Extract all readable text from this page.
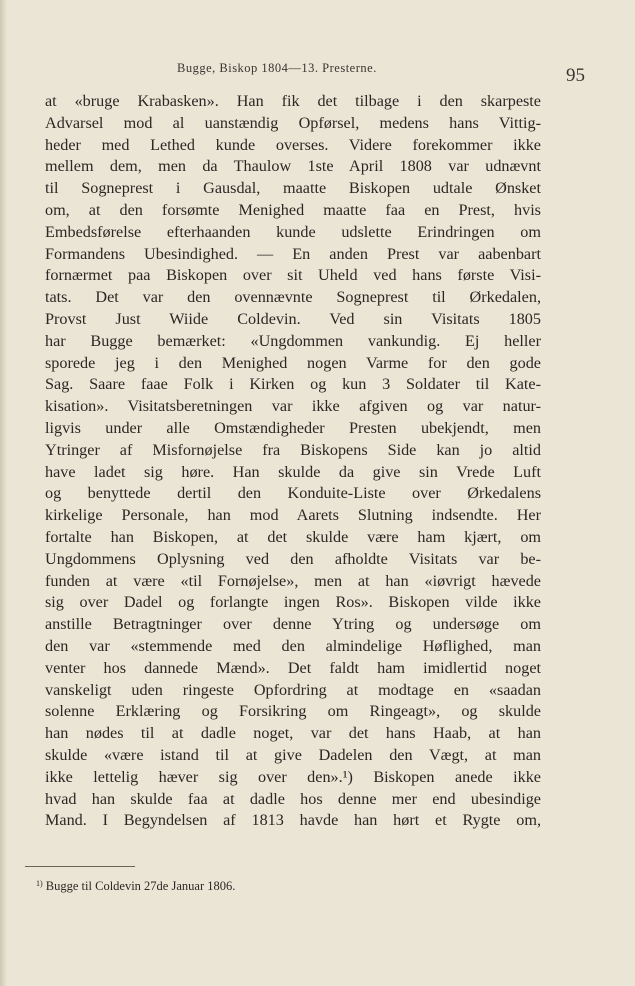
Bugge, Biskop 1804—13. Presterne.	95
at «bruge Krabasken». Han fik det tilbage i den skarpeste
Advarsel mod al uanstændig Opførsel, medens hans Vittig-
heder med Lethed kunde overses. Videre forekommer ikke
mellem dem, men da Thaulow 1ste April 1808 var udnævnt
til Sogneprest i Gausdal, maatte Biskopen udtale Ønsket
om, at den forsømte Menighed maatte faa en Prest, hvis
Embedsførelse efterhaanden kunde udslette Erindringen om
Formandens Ubesindighed. — En anden Prest var aabenbart
fornærmet paa Biskopen over sit Uheld ved hans første Visi-
tats. Det var den ovennævnte Sogneprest til Ørkedalen,
Provst Just Wiide Coldevin. Ved sin Visitats 1805
har Bugge bemærket: «Ungdommen vankundig. Ej heller
sporede jeg i den Menighed nogen Varme for den gode
Sag. Saare faae Folk i Kirken og kun 3 Soldater til Kate-
kisation». Visitatsberetningen var ikke afgiven og var natur-
ligvis under alle Omstændigheder Presten ubekjendt, men
Ytringer af Misfornøjelse fra Biskopens Side kan jo altid
have ladet sig høre. Han skulde da give sin Vrede Luft
og benyttede dertil den Konduite-Liste over Ørkedalens
kirkelige Personale, han mod Aarets Slutning indsendte. Her
fortalte han Biskopen, at det skulde være ham kjært, om
Ungdommens Oplysning ved den afholdte Visitats var be-
funden at være «til Fornøjelse», men at han «iøvrigt hævede
sig over Dadel og forlangte ingen Ros». Biskopen vilde ikke
anstille Betragtninger over denne Ytring og undersøge om
den var «stemmende med den almindelige Høflighed, man
venter hos dannede Mænd». Det faldt ham imidlertid noget
vanskeligt uden ringeste Opfordring at modtage en «saadan
solenne Erklæring og Forsikring om Ringeagt», og skulde
han nødes til at dadle noget, var det hans Haab, at han
skulde «være istand til at give Dadelen den Vægt, at man
ikke lettelig hæver sig over den».¹) Biskopen anede ikke
hvad han skulde faa at dadle hos denne mer end ubesindige
Mand. I Begyndelsen af 1813 havde han hørt et Rygte om,
$^{1)}$ Bugge til Coldevin 27de Januar 1806.
